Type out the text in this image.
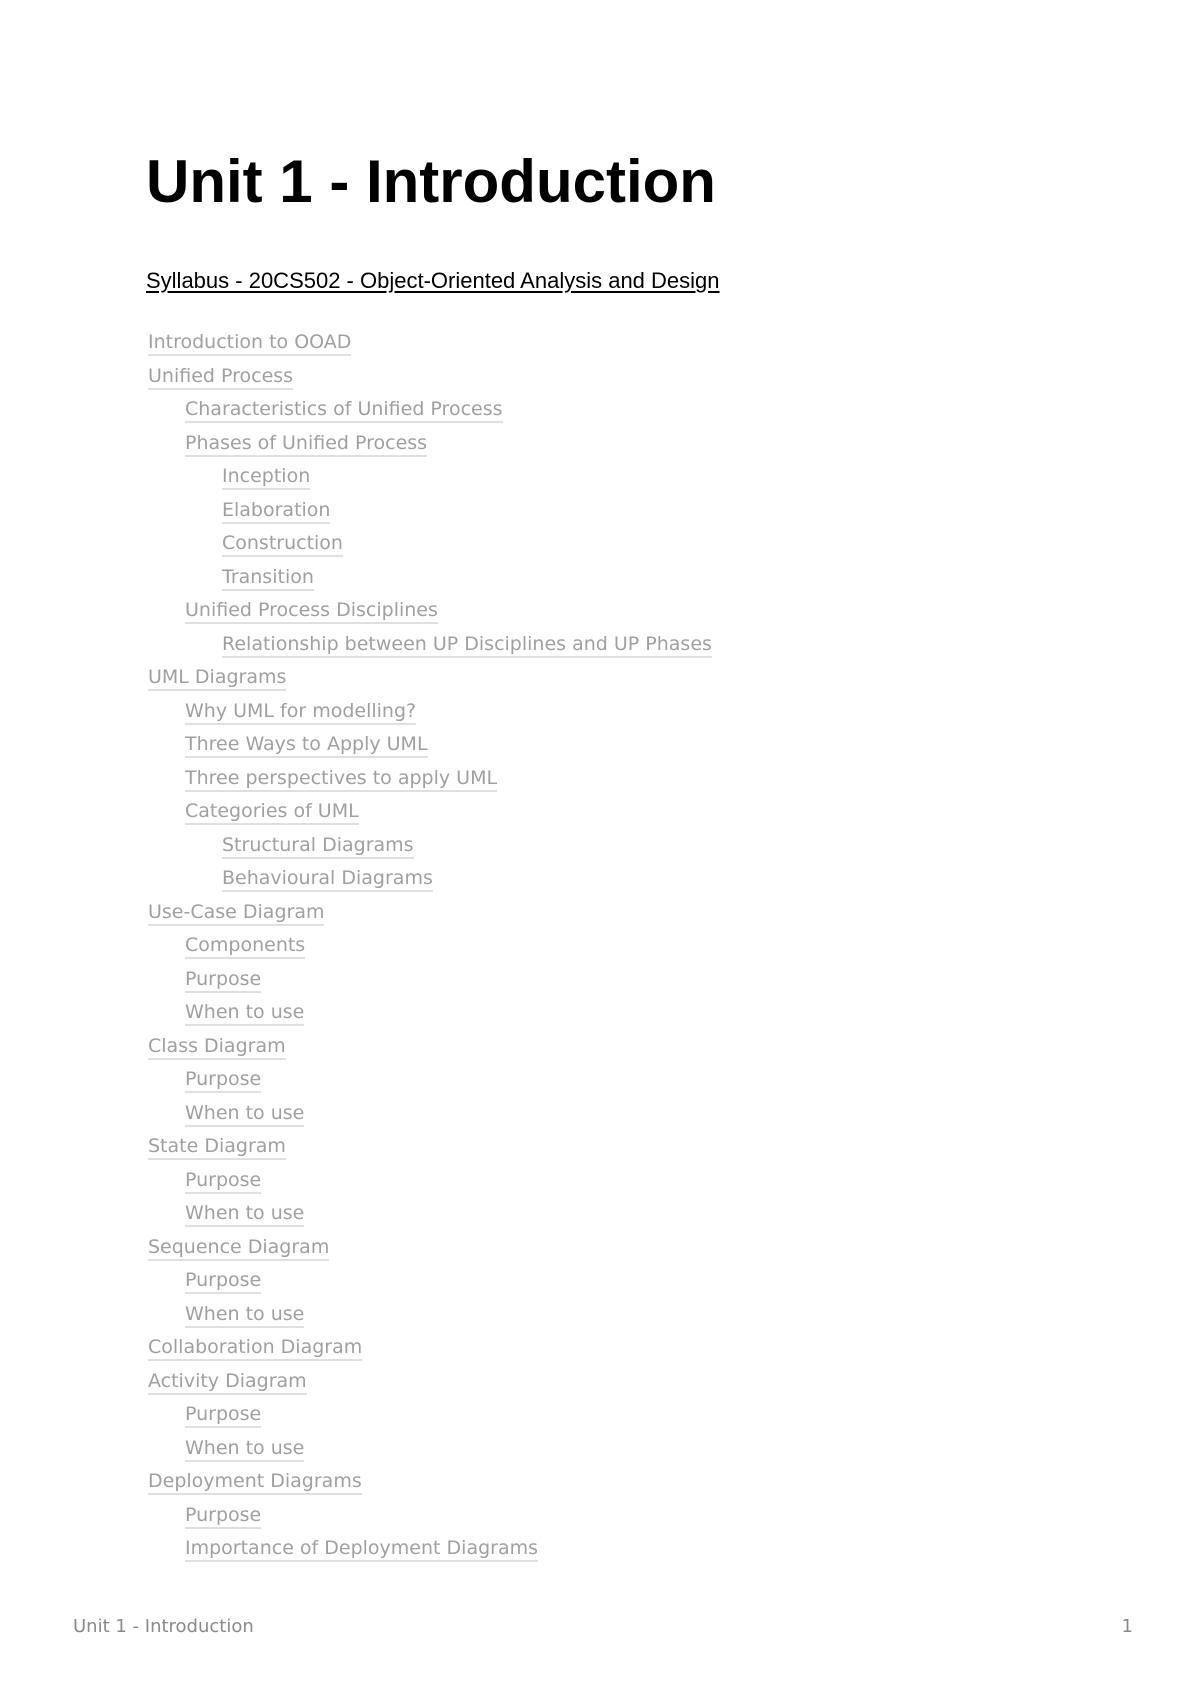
Unit 1 - Introduction
Syllabus - 20CS502 - Object-Oriented Analysis and Design
Introduction to OOAD
Unified Process
Characteristics of Unified Process
Phases of Unified Process
Inception
Elaboration
Construction
Transition
Unified Process Disciplines
Relationship between UP Disciplines and UP Phases
UML Diagrams
Why UML for modelling?
Three Ways to Apply UML
Three perspectives to apply UML
Categories of UML
Structural Diagrams
Behavioural Diagrams
Use-Case Diagram
Components
Purpose
When to use
Class Diagram
Purpose
When to use
State Diagram
Purpose
When to use
Sequence Diagram
Purpose
When to use
Collaboration Diagram
Activity Diagram
Purpose
When to use
Deployment Diagrams
Purpose
Importance of Deployment Diagrams
Unit 1 - Introduction	1
